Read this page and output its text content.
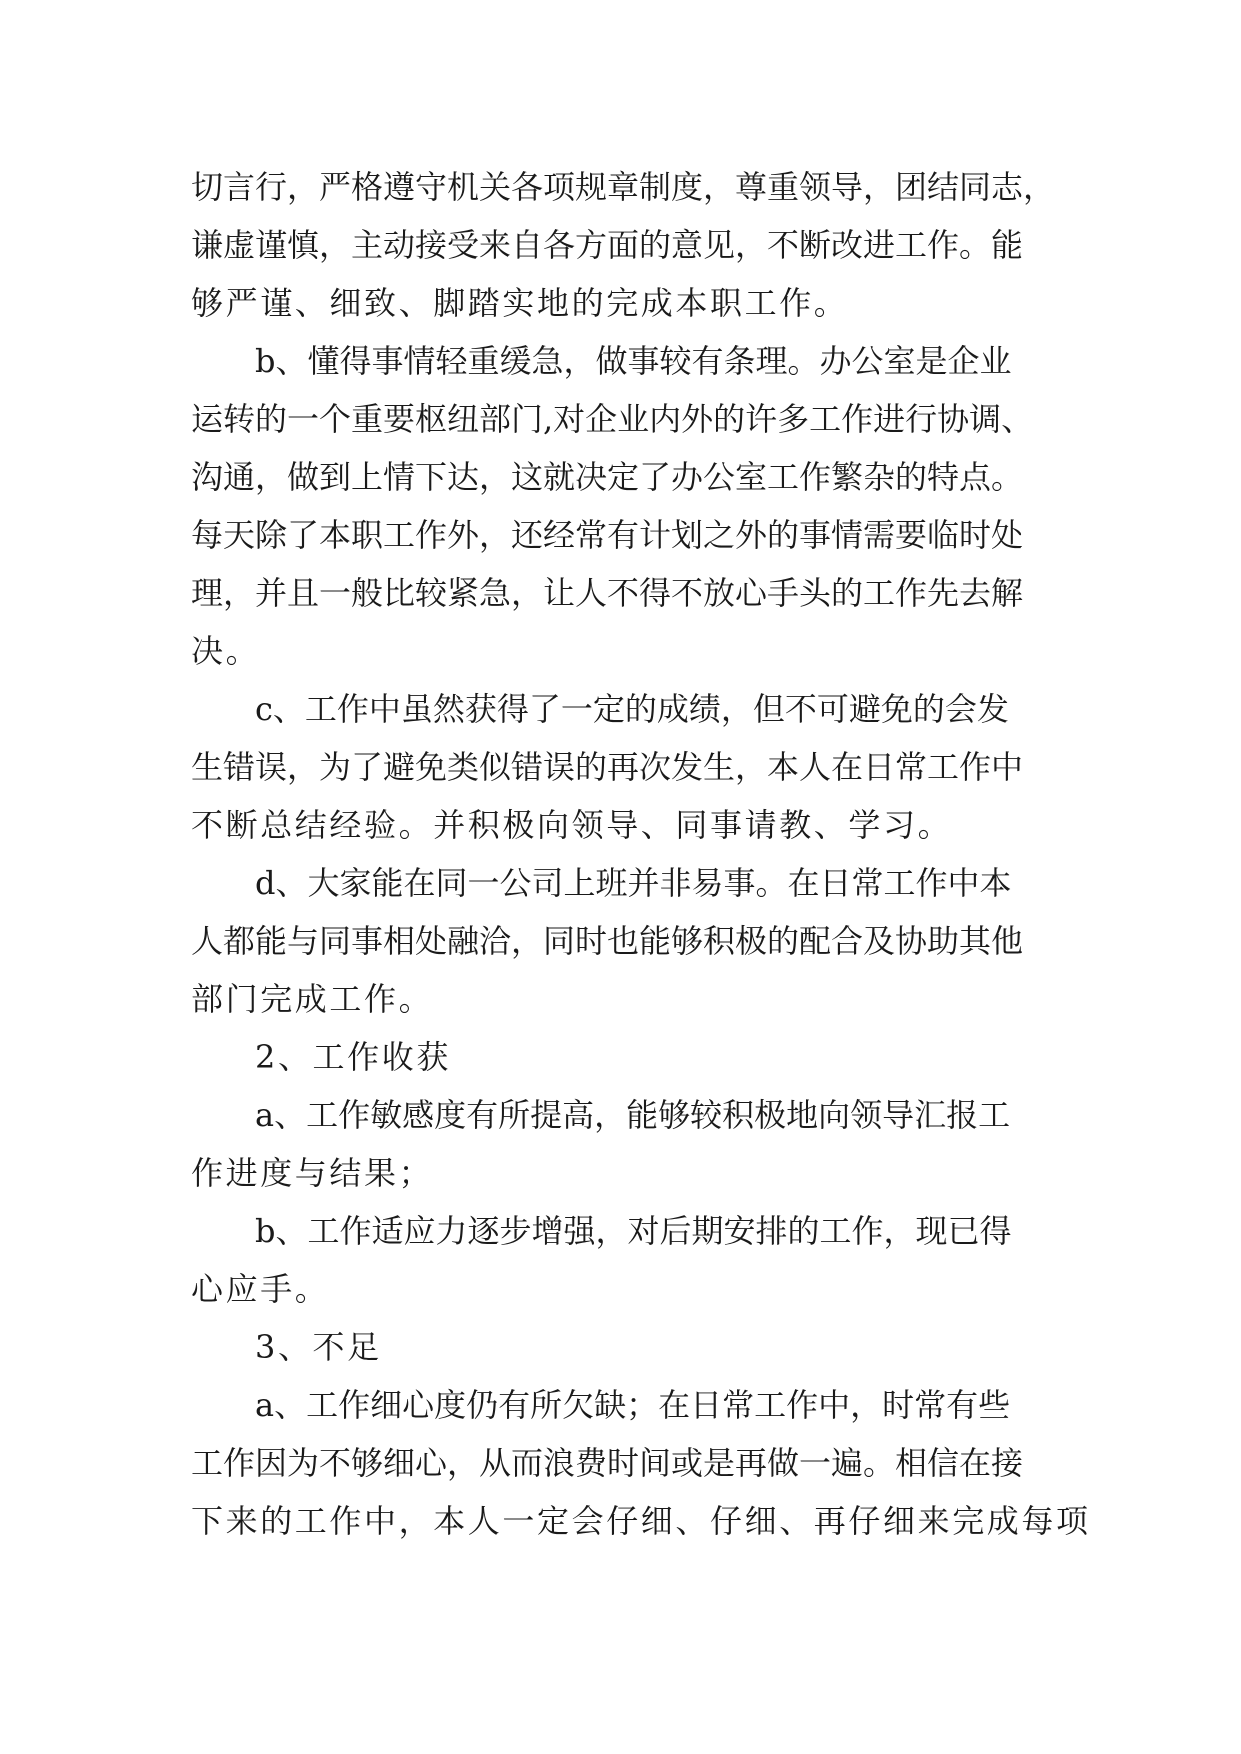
切言行，严格遵守机关各项规章制度，尊重领导，团结同志，
谦虚谨慎，主动接受来自各方面的意见，不断改进工作。能
够严谨、细致、脚踏实地的完成本职工作。
b、懂得事情轻重缓急，做事较有条理。办公室是企业
运转的一个重要枢纽部门,对企业内外的许多工作进行协调、
沟通，做到上情下达，这就决定了办公室工作繁杂的特点。
每天除了本职工作外，还经常有计划之外的事情需要临时处
理，并且一般比较紧急，让人不得不放心手头的工作先去解
决。
c、工作中虽然获得了一定的成绩，但不可避免的会发
生错误，为了避免类似错误的再次发生，本人在日常工作中
不断总结经验。并积极向领导、同事请教、学习。
d、大家能在同一公司上班并非易事。在日常工作中本
人都能与同事相处融洽，同时也能够积极的配合及协助其他
部门完成工作。
2、工作收获
a、工作敏感度有所提高，能够较积极地向领导汇报工
作进度与结果；
b、工作适应力逐步增强，对后期安排的工作，现已得
心应手。
3、不足
a、工作细心度仍有所欠缺；在日常工作中，时常有些
工作因为不够细心，从而浪费时间或是再做一遍。相信在接
下来的工作中，本人一定会仔细、仔细、再仔细来完成每项
